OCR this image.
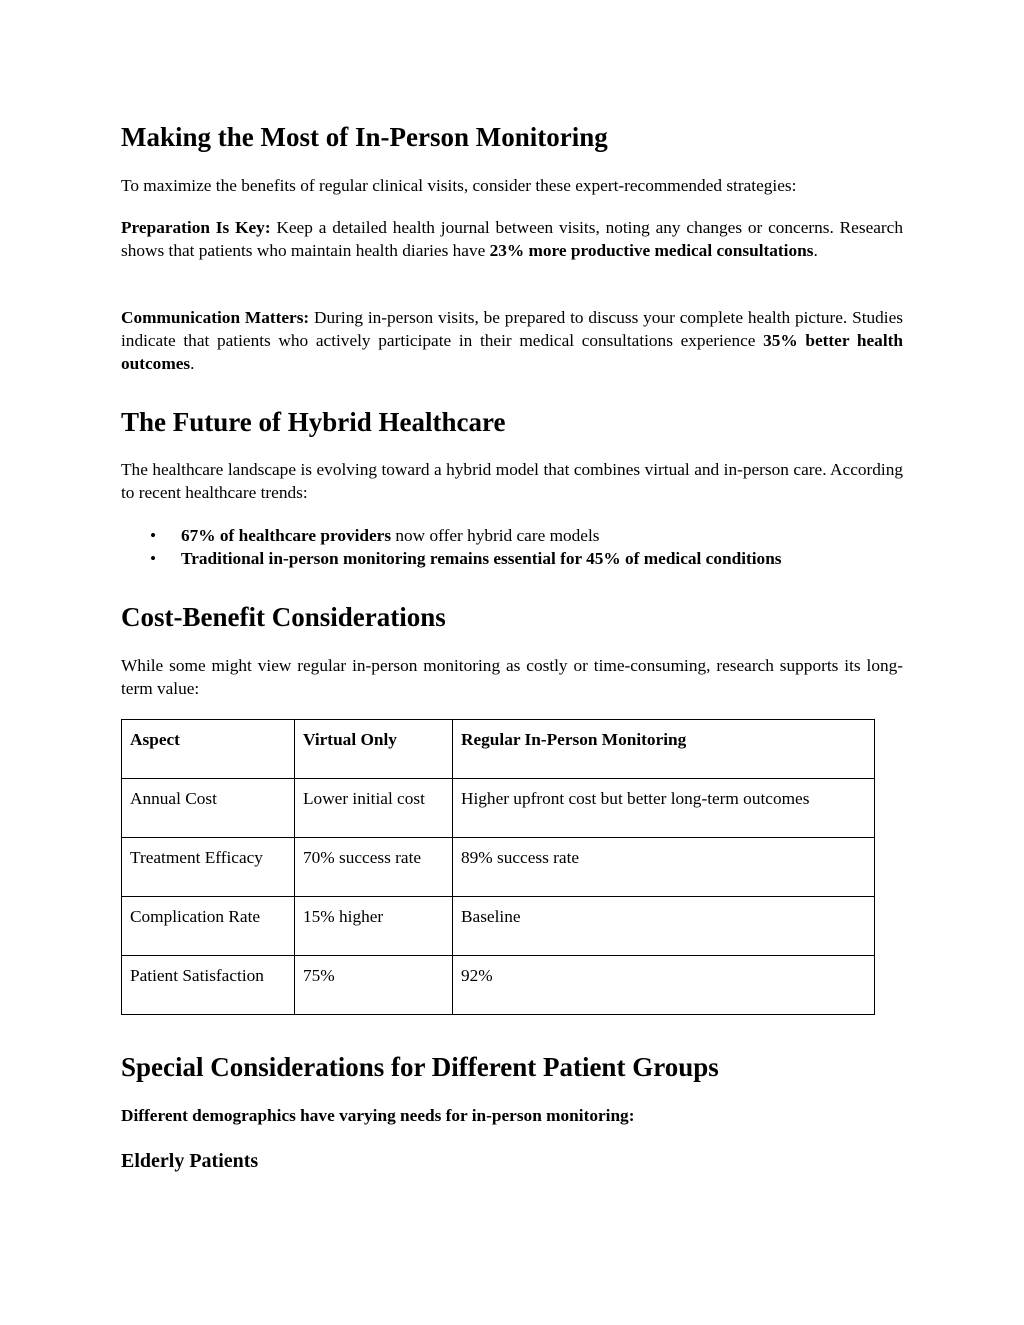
Making the Most of In-Person Monitoring

To maximize the benefits of regular clinical visits, consider these expert-recommended strategies:

Preparation Is Key: Keep a detailed health journal between visits, noting any changes or concerns. Research shows that patients who maintain health diaries have 23% more productive medical consultations.

Communication Matters: During in-person visits, be prepared to discuss your complete health picture. Studies indicate that patients who actively participate in their medical consultations experience 35% better health outcomes.

The Future of Hybrid Healthcare

The healthcare landscape is evolving toward a hybrid model that combines virtual and in-person care. According to recent healthcare trends:

• 67% of healthcare providers now offer hybrid care models
• Traditional in-person monitoring remains essential for 45% of medical conditions
Cost-Benefit Considerations

While some might view regular in-person monitoring as costly or time-consuming, research supports its long-term value:

Aspect	Virtual Only	Regular In-Person Monitoring
Annual Cost	Lower initial cost	Higher upfront cost but better long-term outcomes
Treatment Efficacy	70% success rate	89% success rate
Complication Rate	15% higher	Baseline
Patient Satisfaction	75%	92%
Special Considerations for Different Patient Groups

Different demographics have varying needs for in-person monitoring:

Elderly Patients
